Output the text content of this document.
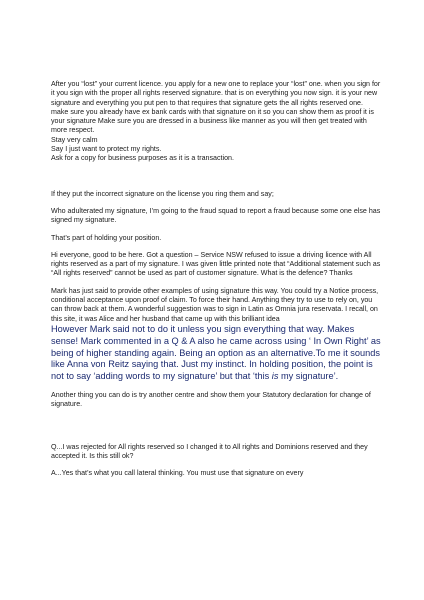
After you “lost” your current licence. you apply for a new one to replace your “lost” one. when you sign for it you sign with the proper all rights reserved signature. that is on everything you now sign. it is your new signature and everything you put pen to that requires that signature gets the all rights reserved one. make sure you already have ex bank cards with that signature on it so you can show them as proof it is your signature Make sure you are dressed in a business like manner as you will then get treated with more respect.

Stay very calm

Say I just want to protect my rights.

Ask for a copy for business purposes as it is a transaction.

If they put the incorrect signature on the license you ring them and say;

Who adulterated my signature, I’m going to the fraud squad to report a fraud because some one else has signed my signature.

That’s part of holding your position.

Hi everyone, good to be here. Got a question – Service NSW refused to issue a driving licence with All rights reserved as a part of my signature. I was given little printed note that “Additional statement such as “All rights reserved” cannot be used as part of customer signature. What is the defence? Thanks

Mark has just said to provide other examples of using signature this way. You could try a Notice process, conditional acceptance upon proof of claim. To force their hand. Anything they try to use to rely on, you can throw back at them. A wonderful suggestion was to sign in Latin as Omnia jura reservata. I recall, on this site, it was Alice and her husband that came up with this brilliant idea

However Mark said not to do it unless you sign everything that way. Makes sense! Mark commented in a Q & A also he came across using ‘ In Own Right’ as being of higher standing again. Being an option as an alternative.To me it sounds like Anna von Reitz saying that. Just my instinct. In holding position, the point is not to say ‘adding words to my signature’ but that ‘this is my signature’.

Another thing you can do is try another centre and show them your Statutory declaration for change of signature.

Q...I was rejected for All rights reserved so I changed it to All rights and Dominions reserved and they accepted it. Is this still ok?

A...Yes that’s what you call lateral thinking. You must use that signature on every
